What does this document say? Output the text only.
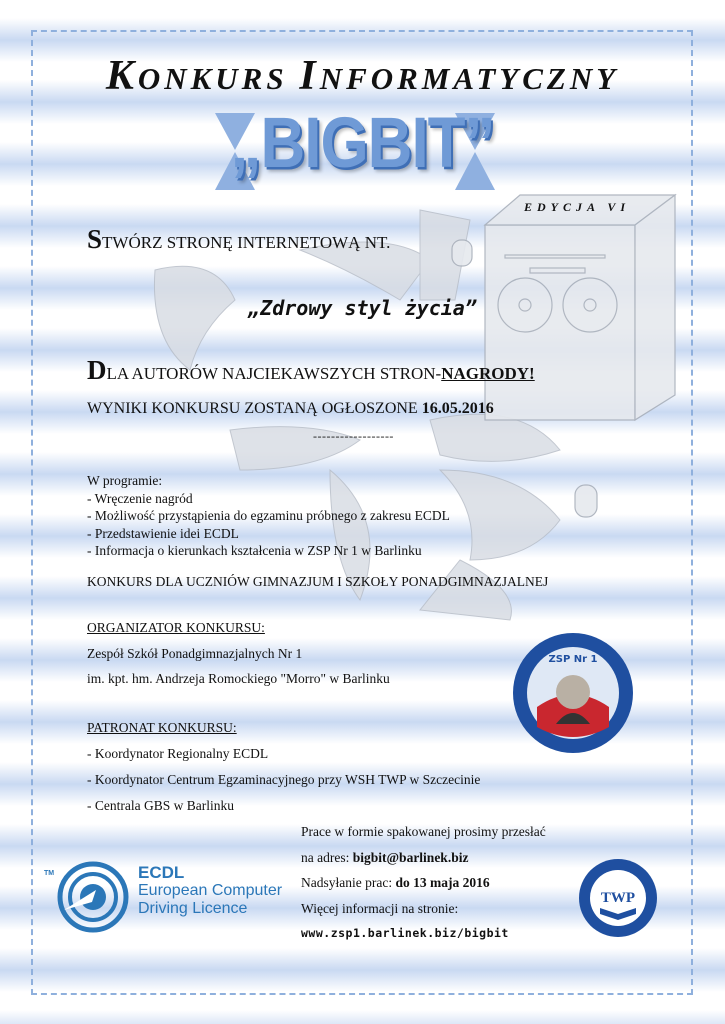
KONKURS INFORMATYCZNY
„BIGBIT”
EDYCJA VI
STWÓRZ STRONĘ INTERNETOWĄ NT.
„Zdrowy styl życia”
DLA AUTORÓW NAJCIEKAWSZYCH STRON-NAGRODY!
WYNIKI KONKURSU ZOSTANĄ OGŁOSZONE 16.05.2016
------------------
W programie:
- Wręczenie nagród
- Możliwość przystąpienia do egzaminu próbnego z zakresu ECDL
- Przedstawienie idei ECDL
- Informacja o kierunkach kształcenia w ZSP Nr 1 w Barlinku
KONKURS DLA UCZNIÓW GIMNAZJUM I SZKOŁY PONADGIMNAZJALNEJ
ORGANIZATOR KONKURSU:
Zespół Szkół Ponadgimnazjalnych Nr 1
im. kpt. hm. Andrzeja Romockiego "Morro" w Barlinku
PATRONAT KONKURSU:
- Koordynator Regionalny ECDL
- Koordynator Centrum Egzaminacyjnego przy WSH TWP w Szczecinie
- Centrala GBS w Barlinku
Prace w formie spakowanej prosimy przesłać
na adres: bigbit@barlinek.biz
Nadsyłanie prac: do 13 maja 2016
Więcej informacji na stronie:
www.zsp1.barlinek.biz/bigbit
ZSP Nr 1
TM	ECDL
European Computer
Driving Licence
TWP
